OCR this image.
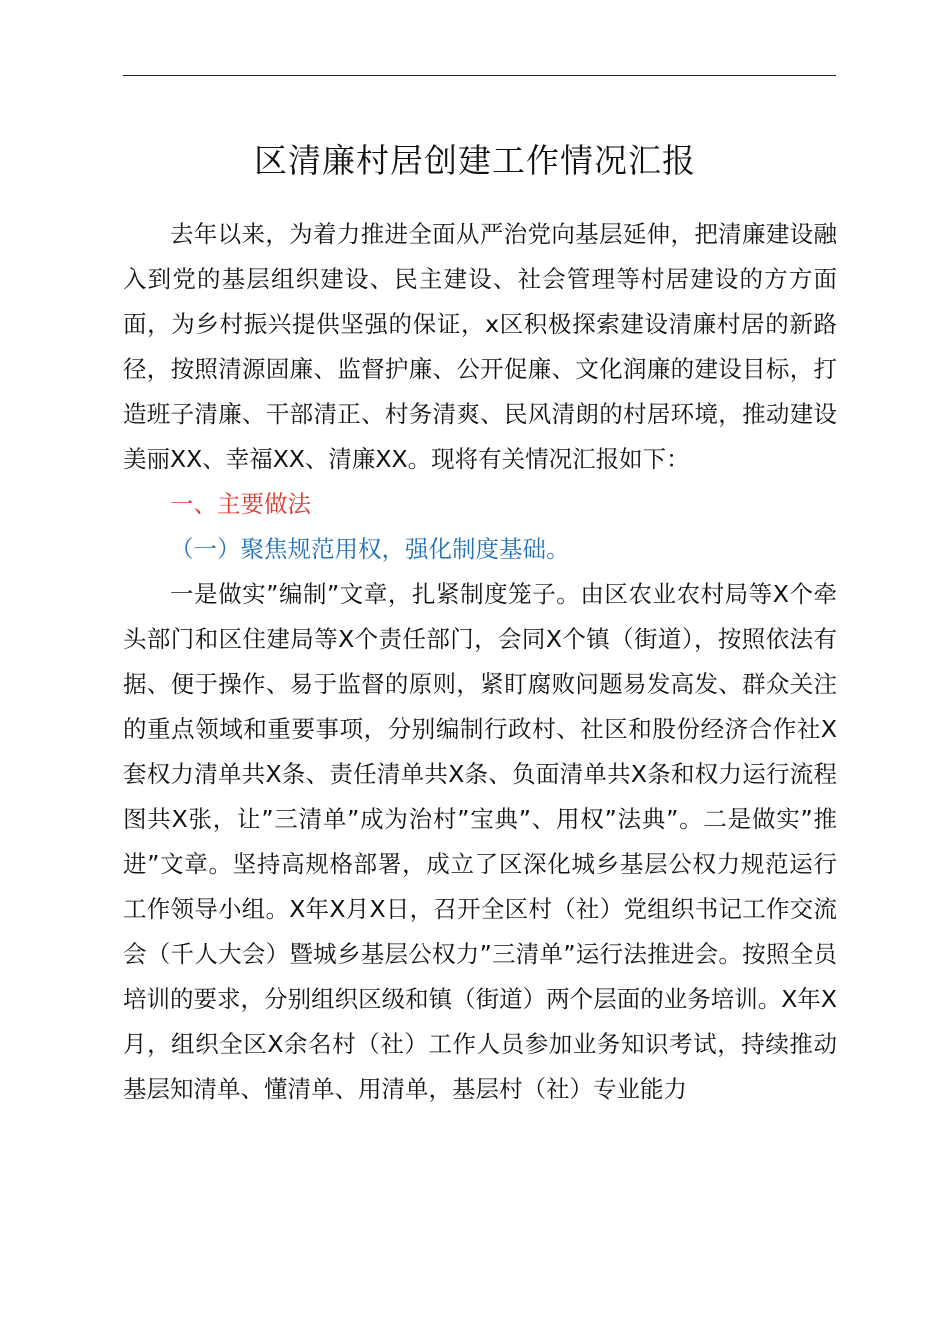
区清廉村居创建工作情况汇报

去年以来，为着力推进全面从严治党向基层延伸，把清廉建设融入到党的基层组织建设、民主建设、社会管理等村居建设的方方面面，为乡村振兴提供坚强的保证，x区积极探索建设清廉村居的新路径，按照清源固廉、监督护廉、公开促廉、文化润廉的建设目标，打造班子清廉、干部清正、村务清爽、民风清朗的村居环境，推动建设美丽XX、幸福XX、清廉XX。现将有关情况汇报如下：

一、主要做法

（一）聚焦规范用权，强化制度基础。

一是做实”编制”文章，扎紧制度笼子。由区农业农村局等X个牵头部门和区住建局等X个责任部门，会同X个镇（街道），按照依法有据、便于操作、易于监督的原则，紧盯腐败问题易发高发、群众关注的重点领域和重要事项，分别编制行政村、社区和股份经济合作社X套权力清单共X条、责任清单共X条、负面清单共X条和权力运行流程图共X张，让”三清单”成为治村”宝典”、用权”法典”。二是做实”推进”文章。坚持高规格部署，成立了区深化城乡基层公权力规范运行工作领导小组。X年X月X日，召开全区村（社）党组织书记工作交流会（千人大会）暨城乡基层公权力”三清单”运行法推进会。按照全员培训的要求，分别组织区级和镇（街道）两个层面的业务培训。X年X月，组织全区X余名村（社）工作人员参加业务知识考试，持续推动基层知清单、懂清单、用清单，基层村（社）专业能力
